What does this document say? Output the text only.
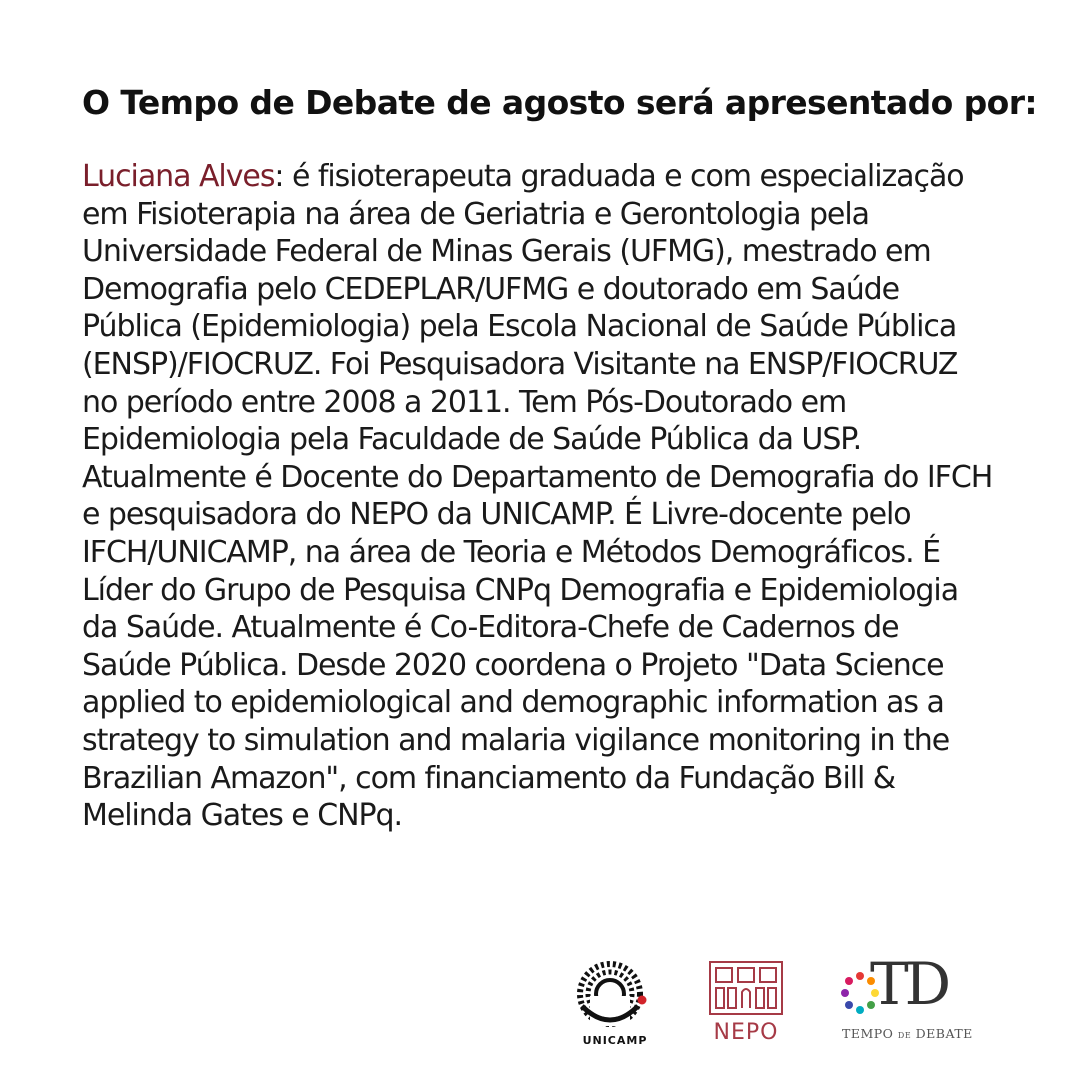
O Tempo de Debate de agosto será apresentado por:
Luciana Alves: é fisioterapeuta graduada e com especialização
em Fisioterapia na área de Geriatria e Gerontologia pela
Universidade Federal de Minas Gerais (UFMG), mestrado em
Demografia pelo CEDEPLAR/UFMG e doutorado em Saúde
Pública (Epidemiologia) pela Escola Nacional de Saúde Pública
(ENSP)/FIOCRUZ. Foi Pesquisadora Visitante na ENSP/FIOCRUZ
no período entre 2008 a 2011. Tem Pós-Doutorado em
Epidemiologia pela Faculdade de Saúde Pública da USP.
Atualmente é Docente do Departamento de Demografia do IFCH
e pesquisadora do NEPO da UNICAMP. É Livre-docente pelo
IFCH/UNICAMP, na área de Teoria e Métodos Demográficos. É
Líder do Grupo de Pesquisa CNPq Demografia e Epidemiologia
da Saúde. Atualmente é Co-Editora-Chefe de Cadernos de
Saúde Pública. Desde 2020 coordena o Projeto "Data Science
applied to epidemiological and demographic information as a
strategy to simulation and malaria vigilance monitoring in the
Brazilian Amazon", com financiamento da Fundação Bill &
Melinda Gates e CNPq.
UNICAMP	NEPO
TD
TEMPO DE DEBATE
